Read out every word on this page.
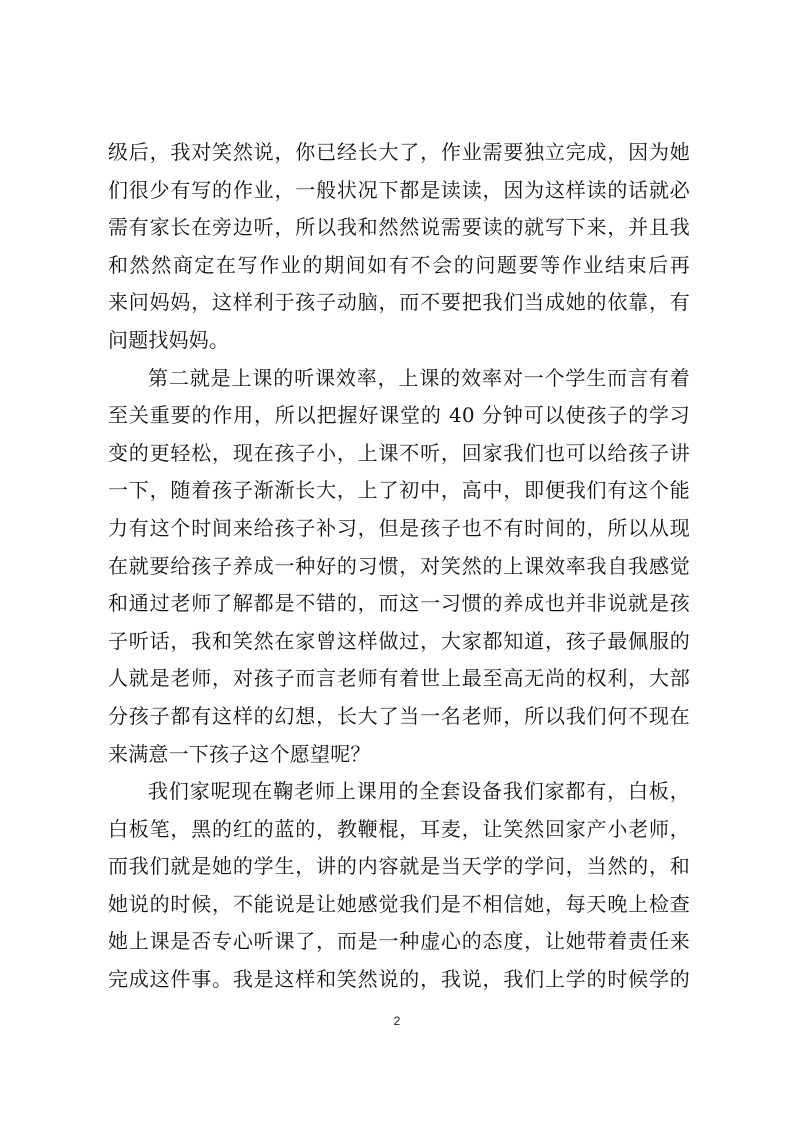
级后，我对笑然说，你已经长大了，作业需要独立完成，因为她
们很少有写的作业，一般状况下都是读读，因为这样读的话就必
需有家长在旁边听，所以我和然然说需要读的就写下来，并且我
和然然商定在写作业的期间如有不会的问题要等作业结束后再
来问妈妈，这样利于孩子动脑，而不要把我们当成她的依靠，有
问题找妈妈。
第二就是上课的听课效率，上课的效率对一个学生而言有着
至关重要的作用，所以把握好课堂的 40 分钟可以使孩子的学习
变的更轻松，现在孩子小，上课不听，回家我们也可以给孩子讲
一下，随着孩子渐渐长大，上了初中，高中，即便我们有这个能
力有这个时间来给孩子补习，但是孩子也不有时间的，所以从现
在就要给孩子养成一种好的习惯，对笑然的上课效率我自我感觉
和通过老师了解都是不错的，而这一习惯的养成也并非说就是孩
子听话，我和笑然在家曾这样做过，大家都知道，孩子最佩服的
人就是老师，对孩子而言老师有着世上最至高无尚的权利，大部
分孩子都有这样的幻想，长大了当一名老师，所以我们何不现在
来满意一下孩子这个愿望呢？
我们家呢现在鞠老师上课用的全套设备我们家都有，白板，
白板笔，黑的红的蓝的，教鞭棍，耳麦，让笑然回家产小老师，
而我们就是她的学生，讲的内容就是当天学的学问，当然的，和
她说的时候，不能说是让她感觉我们是不相信她，每天晚上检查
她上课是否专心听课了，而是一种虚心的态度，让她带着责任来
完成这件事。我是这样和笑然说的，我说，我们上学的时候学的
2
